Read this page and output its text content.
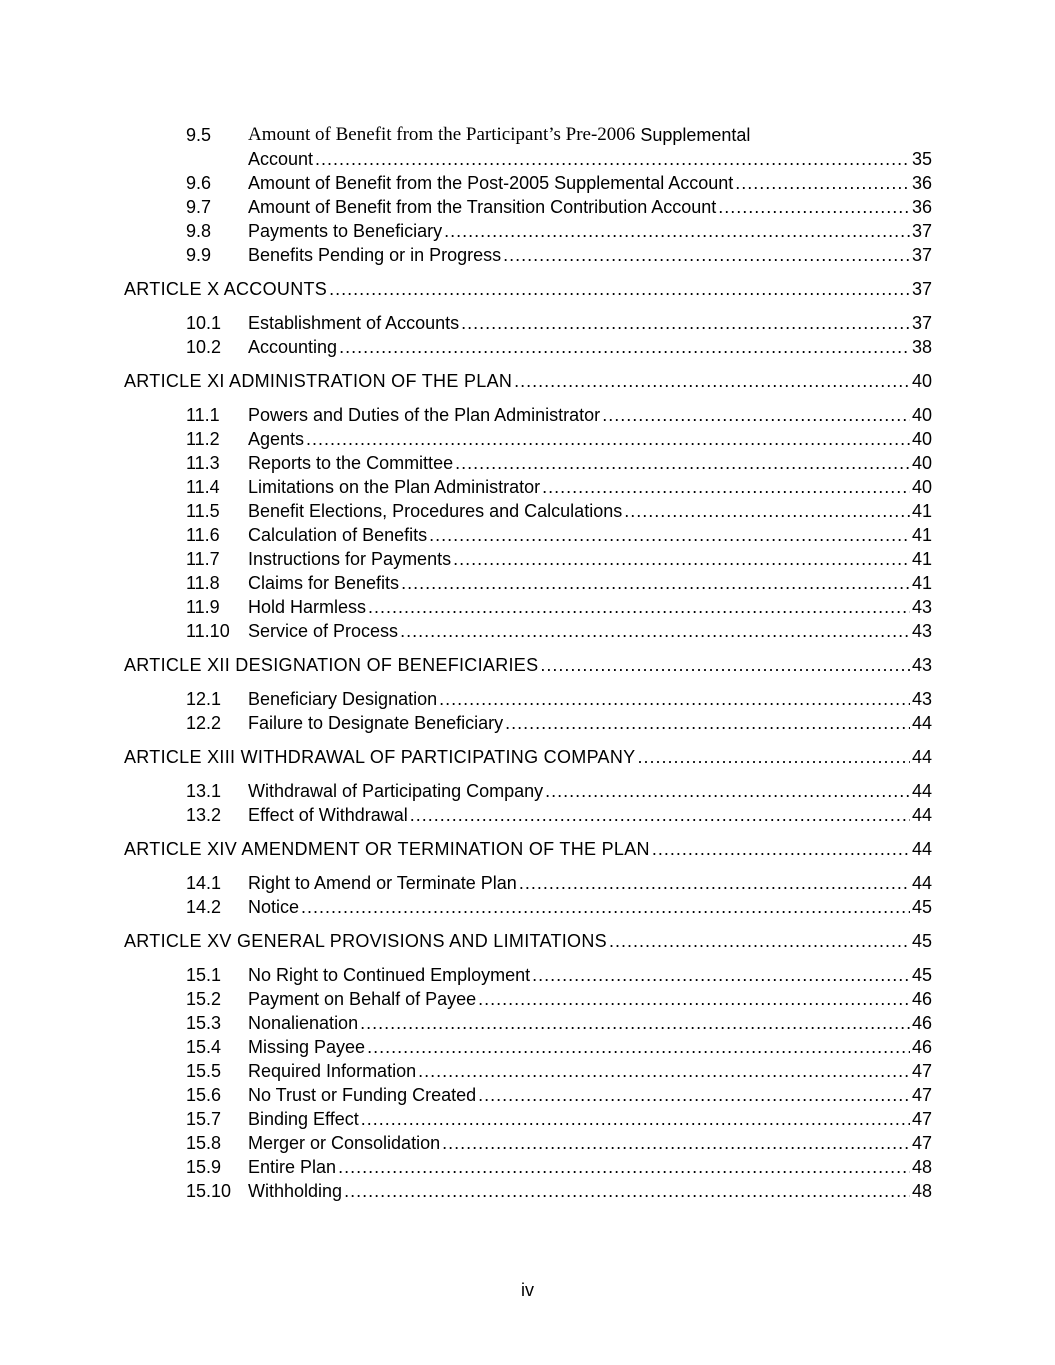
9.5	Amount of Benefit from the Participant’s Pre-2006 Supplemental
Account .....	35
9.6	Amount of Benefit from the Post-2005 Supplemental Account .....	36
9.7	Amount of Benefit from the Transition Contribution Account .....	36
9.8	Payments to Beneficiary .....	37
9.9	Benefits Pending or in Progress .....	37
ARTICLE X ACCOUNTS .....	37
10.1	Establishment of Accounts .....	37
10.2	Accounting .....	38
ARTICLE XI ADMINISTRATION OF THE PLAN .....	40
11.1	Powers and Duties of the Plan Administrator .....	40
11.2	Agents .....	40
11.3	Reports to the Committee .....	40
11.4	Limitations on the Plan Administrator .....	40
11.5	Benefit Elections, Procedures and Calculations .....	41
11.6	Calculation of Benefits .....	41
11.7	Instructions for Payments .....	41
11.8	Claims for Benefits .....	41
11.9	Hold Harmless .....	43
11.10	Service of Process .....	43
ARTICLE XII DESIGNATION OF BENEFICIARIES .....	43
12.1	Beneficiary Designation .....	43
12.2	Failure to Designate Beneficiary .....	44
ARTICLE XIII WITHDRAWAL OF PARTICIPATING COMPANY .....	44
13.1	Withdrawal of Participating Company .....	44
13.2	Effect of Withdrawal .....	44
ARTICLE XIV AMENDMENT OR TERMINATION OF THE PLAN .....	44
14.1	Right to Amend or Terminate Plan .....	44
14.2	Notice .....	45
ARTICLE XV GENERAL PROVISIONS AND LIMITATIONS .....	45
15.1	No Right to Continued Employment .....	45
15.2	Payment on Behalf of Payee .....	46
15.3	Nonalienation .....	46
15.4	Missing Payee .....	46
15.5	Required Information .....	47
15.6	No Trust or Funding Created .....	47
15.7	Binding Effect .....	47
15.8	Merger or Consolidation .....	47
15.9	Entire Plan .....	48
15.10 Withholding .....	48
iv
